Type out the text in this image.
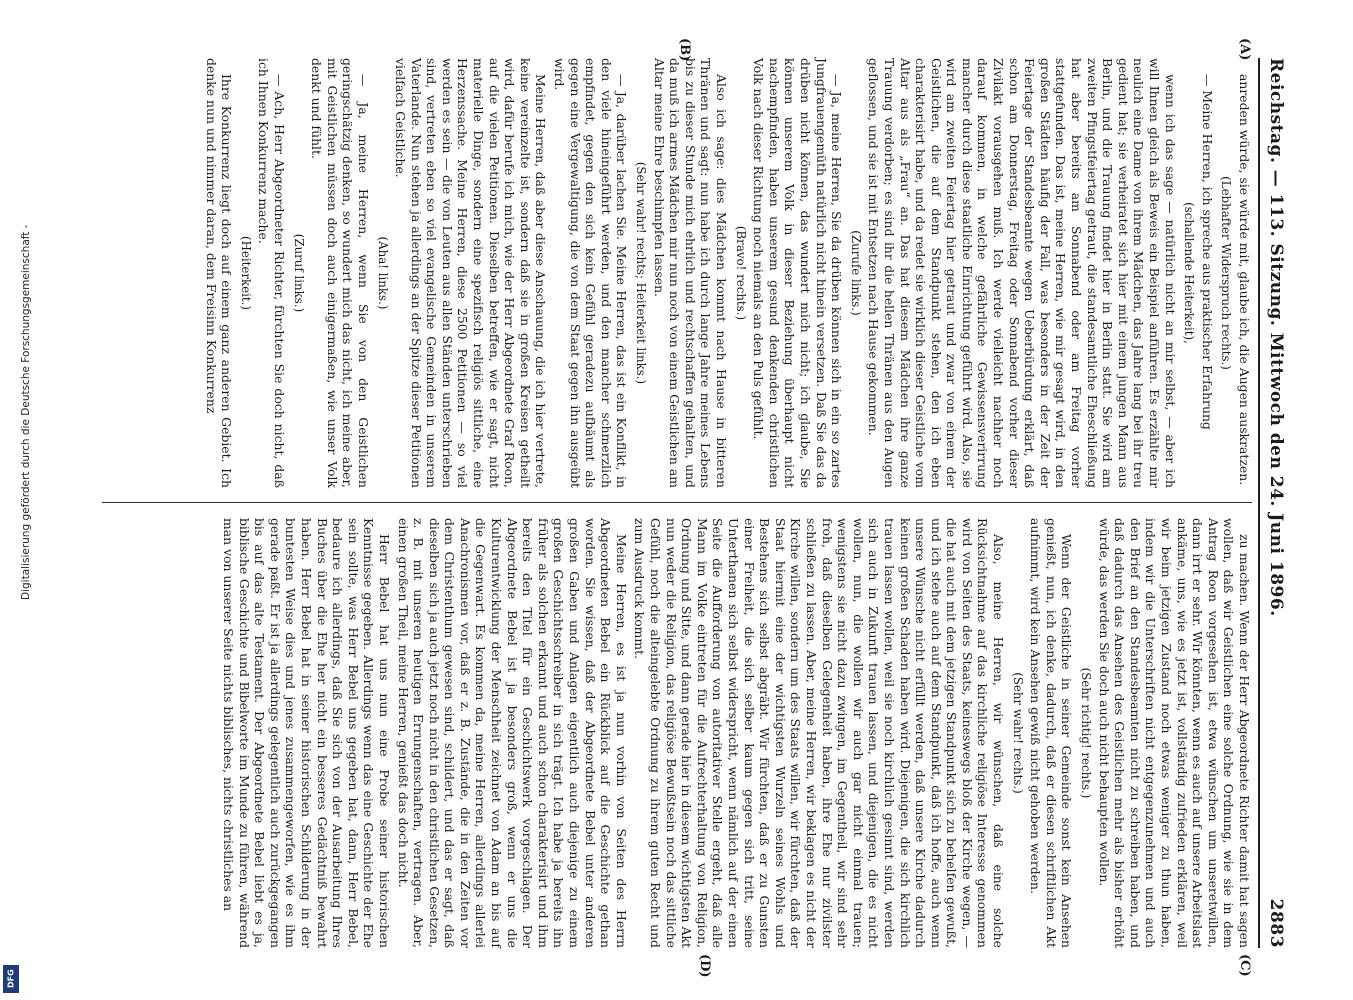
Reichstag. — 113. Sitzung. Mittwoch den 24. Juni 1896.
2883
(A)
(B)

anreden würde, sie würde mit, glaube ich, die Augen auskratzen.

(Lebhafter Widerspruch rechts.)

— Meine Herren, ich spreche aus praktischer Erfahrung

(schallende Heiterkeit),

wenn ich das sage — natürlich nicht an mir selbst, — aber ich will Ihnen gleich als Beweis ein Beispiel anführen. Es erzählte mir neulich eine Dame von ihrem Mädchen, das Jahre lang bei ihr treu gedient hat; sie verheiratet sich hier mit einem jungen Mann aus Berlin, und die Trauung findet hier in Berlin statt. Sie wird am zweiten Pfingstfeiertag getraut, die standesamtliche Eheschließung hat aber bereits am Sonnabend oder am Freitag vorher stattgefunden. Das ist, meine Herren, wie mir gesagt wird, in den großen Städten häufig der Fall, was besonders in der Zeit der Feiertage der Standesbeamte wegen Ueberbürdung erklärt, daß schon am Donnerstag, Freitag oder Sonnabend vorher dieser Zivilakt vorausgehen muß. Ich werde vielleicht nachher noch darauf kommen, in welche gefährliche Gewissensverirrung mancher durch diese staatliche Einrichtung geführt wird. Also, sie wird am zweiten Feiertag hier getraut und zwar von einem der Geistlichen, die auf dem Standpunkt stehen, den ich eben charakterisirt habe, und da redet sie wirklich dieser Geistliche vom Altar aus als „Frau“ an. Das hat diesem Mädchen ihre ganze Trauung verdorben; es sind ihr die hellen Thränen aus den Augen geflossen, und sie ist mit Entsetzen nach Hause gekommen.

(Zurufe links.)

— Ja, meine Herren, Sie da drüben können sich in ein so zartes Jungfrauengemüth natürlich nicht hinein versetzen. Daß Sie das da drüben nicht können, das wundert mich nicht; ich glaube, Sie können unserem Volk in dieser Beziehung überhaupt nicht nachempfinden, haben unserem gesund denkenden christlichen Volk nach dieser Richtung noch niemals an den Puls gefühlt.

(Bravo! rechts.)

Also ich sage: dies Mädchen kommt nach Hause in bitteren Thränen und sagt: nun habe ich durch lange Jahre meines Lebens bis zu dieser Stunde mich ehrlich und rechtschaffen gehalten, und da muß ich armes Mädchen mir nun noch von einem Geistlichen am Altar meine Ehre beschimpfen lassen.

(Sehr wahr! rechts; Heiterkeit links.)

— Ja, darüber lachen Sie. Meine Herren, das ist ein Konflikt, in den viele hineingeführt werden, und den mancher schmerzlich empfindet, gegen den sich kein Gefühl geradezu aufbäumt als gegen eine Vergewaltigung, die von dem Staat gegen ihn ausgeübt wird.

Meine Herren, daß aber diese Anschauung, die ich hier vertrete, keine vereinzelte ist, sondern daß sie in großen Kreisen getheilt wird, dafür berufe ich mich, wie der Herr Abgeordnete Graf Roon, auf die vielen Petitionen. Dieselben betreffen, wie er sagt, nicht materielle Dinge, sondern eine spezifisch religiös sittliche, eine Herzenssache. Meine Herren, diese 2500 Petitionen — so viel werden es sein — die von Leuten aus allen Ständen unterschrieben sind, vertreten eben so viel evangelische Gemeinden in unserem Vaterlande. Nun stehen ja allerdings an der Spitze dieser Petitionen vielfach Geistliche.

(Aha! links.)

— Ja, meine Herren, wenn Sie von den Geistlichen geringschätzig denken, so wundert mich das nicht, ich meine aber, mit Geistlichen müssen doch auch einigermaßen, wie unser Volk denkt und fühlt.

(Zuruf links.)

— Ach, Herr Abgeordneter Richter, fürchten Sie doch nicht, daß ich Ihnen Konkurrenz mache.

(Heiterkeit.)

Ihre Konkurrenz liegt doch auf einem ganz anderen Gebiet. Ich denke nun und nimmer daran, dem Freisinn Konkurrenz

(C)
(D)

zu machen. Wenn der Herr Abgeordnete Richter damit hat sagen wollen, daß wir Geistlichen eine solche Ordnung, wie sie in dem Antrag Roon vorgesehen ist, etwa wünschen um unseretwillen, dann irrt er sehr. Wir könnten, wenn es auch auf unsere Arbeitslast ankäme, uns, wie es jetzt ist, vollständig zufrieden erklären, weil wir beim jetzigen Zustand noch etwas weniger zu thun haben, indem wir die Unterschriften nicht entgegenzunehmen und auch den Brief an den Standesbeamten nicht zu schreiben haben, und daß dadurch das Ansehen des Geistlichen mehr als bisher erhöht würde, das werden Sie doch auch nicht behaupten wollen.

(Sehr richtig! rechts.)

Wenn der Geistliche in seiner Gemeinde sonst kein Ansehen genießt, nun, ich denke, dadurch, daß er diesen schriftlichen Akt aufnimmt, wird kein Ansehen gewiß nicht gehoben werden.

(Sehr wahr! rechts.)

Also, meine Herren, wir wünschen, daß eine solche Rücksichtnahme auf das kirchliche religiöse Interesse genommen wird von Seiten des Staats, keineswegs bloß der Kirche wegen, — die hat auch mit dem jetzigen Standpunkt sich zu behelfen gewußt, und ich stehe auch auf dem Standpunkt, daß ich hoffe, auch wenn unsere Wünsche nicht erfüllt werden, daß unsere Kirche dadurch keinen großen Schaden haben wird. Diejenigen, die sich kirchlich trauen lassen wollen, weil sie noch kirchlich gesinnt sind, werden sich auch in Zukunft trauen lassen, und diejenigen, die es nicht wollen, nun, die wollen wir auch gar nicht einmal trauen; wenigstens sie nicht dazu zwingen, im Gegentheil, wir sind sehr froh, daß dieselben Gelegenheit haben, ihre Ehe nur zivilster schließen zu lassen. Aber, meine Herren, wir beklagen es nicht der Kirche willen, sondern um des Staats willen, wir fürchten, daß der Staat hiermit eine der wichtigsten Wurzeln seines Wohls und Bestehens sich selbst abgräbt. Wir fürchten, daß er zu Gunsten einer Freiheit, die sich selber kaum gegen sich tritt, seine Unterthanen sich selbst widerspricht, wenn nämlich auf der einen Seite die Aufforderung von autoritativer Stelle ergeht, daß alle Mann im Volke eintreten für die Aufrechterhaltung von Religion, Ordnung und Sitte, und dann gerade hier in diesem wichtigsten Akt nun weder die Religion, das religiöse Bewußtsein noch das sittliche Gefühl, noch die alteingelebte Ordnung zu ihrem guten Recht und zum Ausdruck kommt.

Meine Herren, es ist ja nun vorhin von Seiten des Herrn Abgeordneten Bebel ein Rückblick auf die Geschichte gethan worden. Sie wissen, daß der Abgeordnete Bebel unter anderen großen Gaben und Anlagen eigentlich auch diejenige zu einem großen Geschichtsschreiber in sich trägt. Ich habe ja bereits ihn früher als solchen erkannt und auch schon charakterisirt und ihm bereits den Titel für ein Geschichtswerk vorgeschlagen. Der Abgeordnete Bebel ist ja besonders groß, wenn er uns die Kulturentwicklung der Menschheit zeichnet von Adam an bis auf die Gegenwart. Es kommen da, meine Herren, allerdings allerlei Anachronismen vor, daß er z. B. Zustände, die in den Zeiten vor dem Christenthum gewesen sind, schildert, und das er sagt, daß dieselben sich ja auch jetzt noch nicht in den christlichen Gesetzen, z. B. mit unseren heutigen Errungenschaften, vertragen. Aber, einen großen Theil, meine Herren, genießt das doch nicht.

Herr Bebel hat uns nun eine Probe seiner historischen Kenntnisse gegeben. Allerdings wenn das eine Geschichte der Ehe sein sollte, was Herr Bebel uns gegeben hat, dann, Herr Bebel, bedaure ich allerdings, daß Sie sich von der Ausarbeitung Ihres Buches über die Ehe her nicht ein besseres Gedächtniß bewahrt haben. Herr Bebel hat in seiner historischen Schilderung in der buntesten Weise dies und jenes zusammengeworfen, wie es ihm gerade paßt. Er ist ja allerdings gelegentlich auch zurückgegangen bis auf das alte Testament. Der Abgeordnete Bebel liebt es ja, biblische Geschichte und Bibelworte im Munde zu führen, während man von unserer Seite nichts biblisches, nichts christliches an

Digitalisierung gefördert durch die Deutsche Forschungsgemeinschaft -
DFG
